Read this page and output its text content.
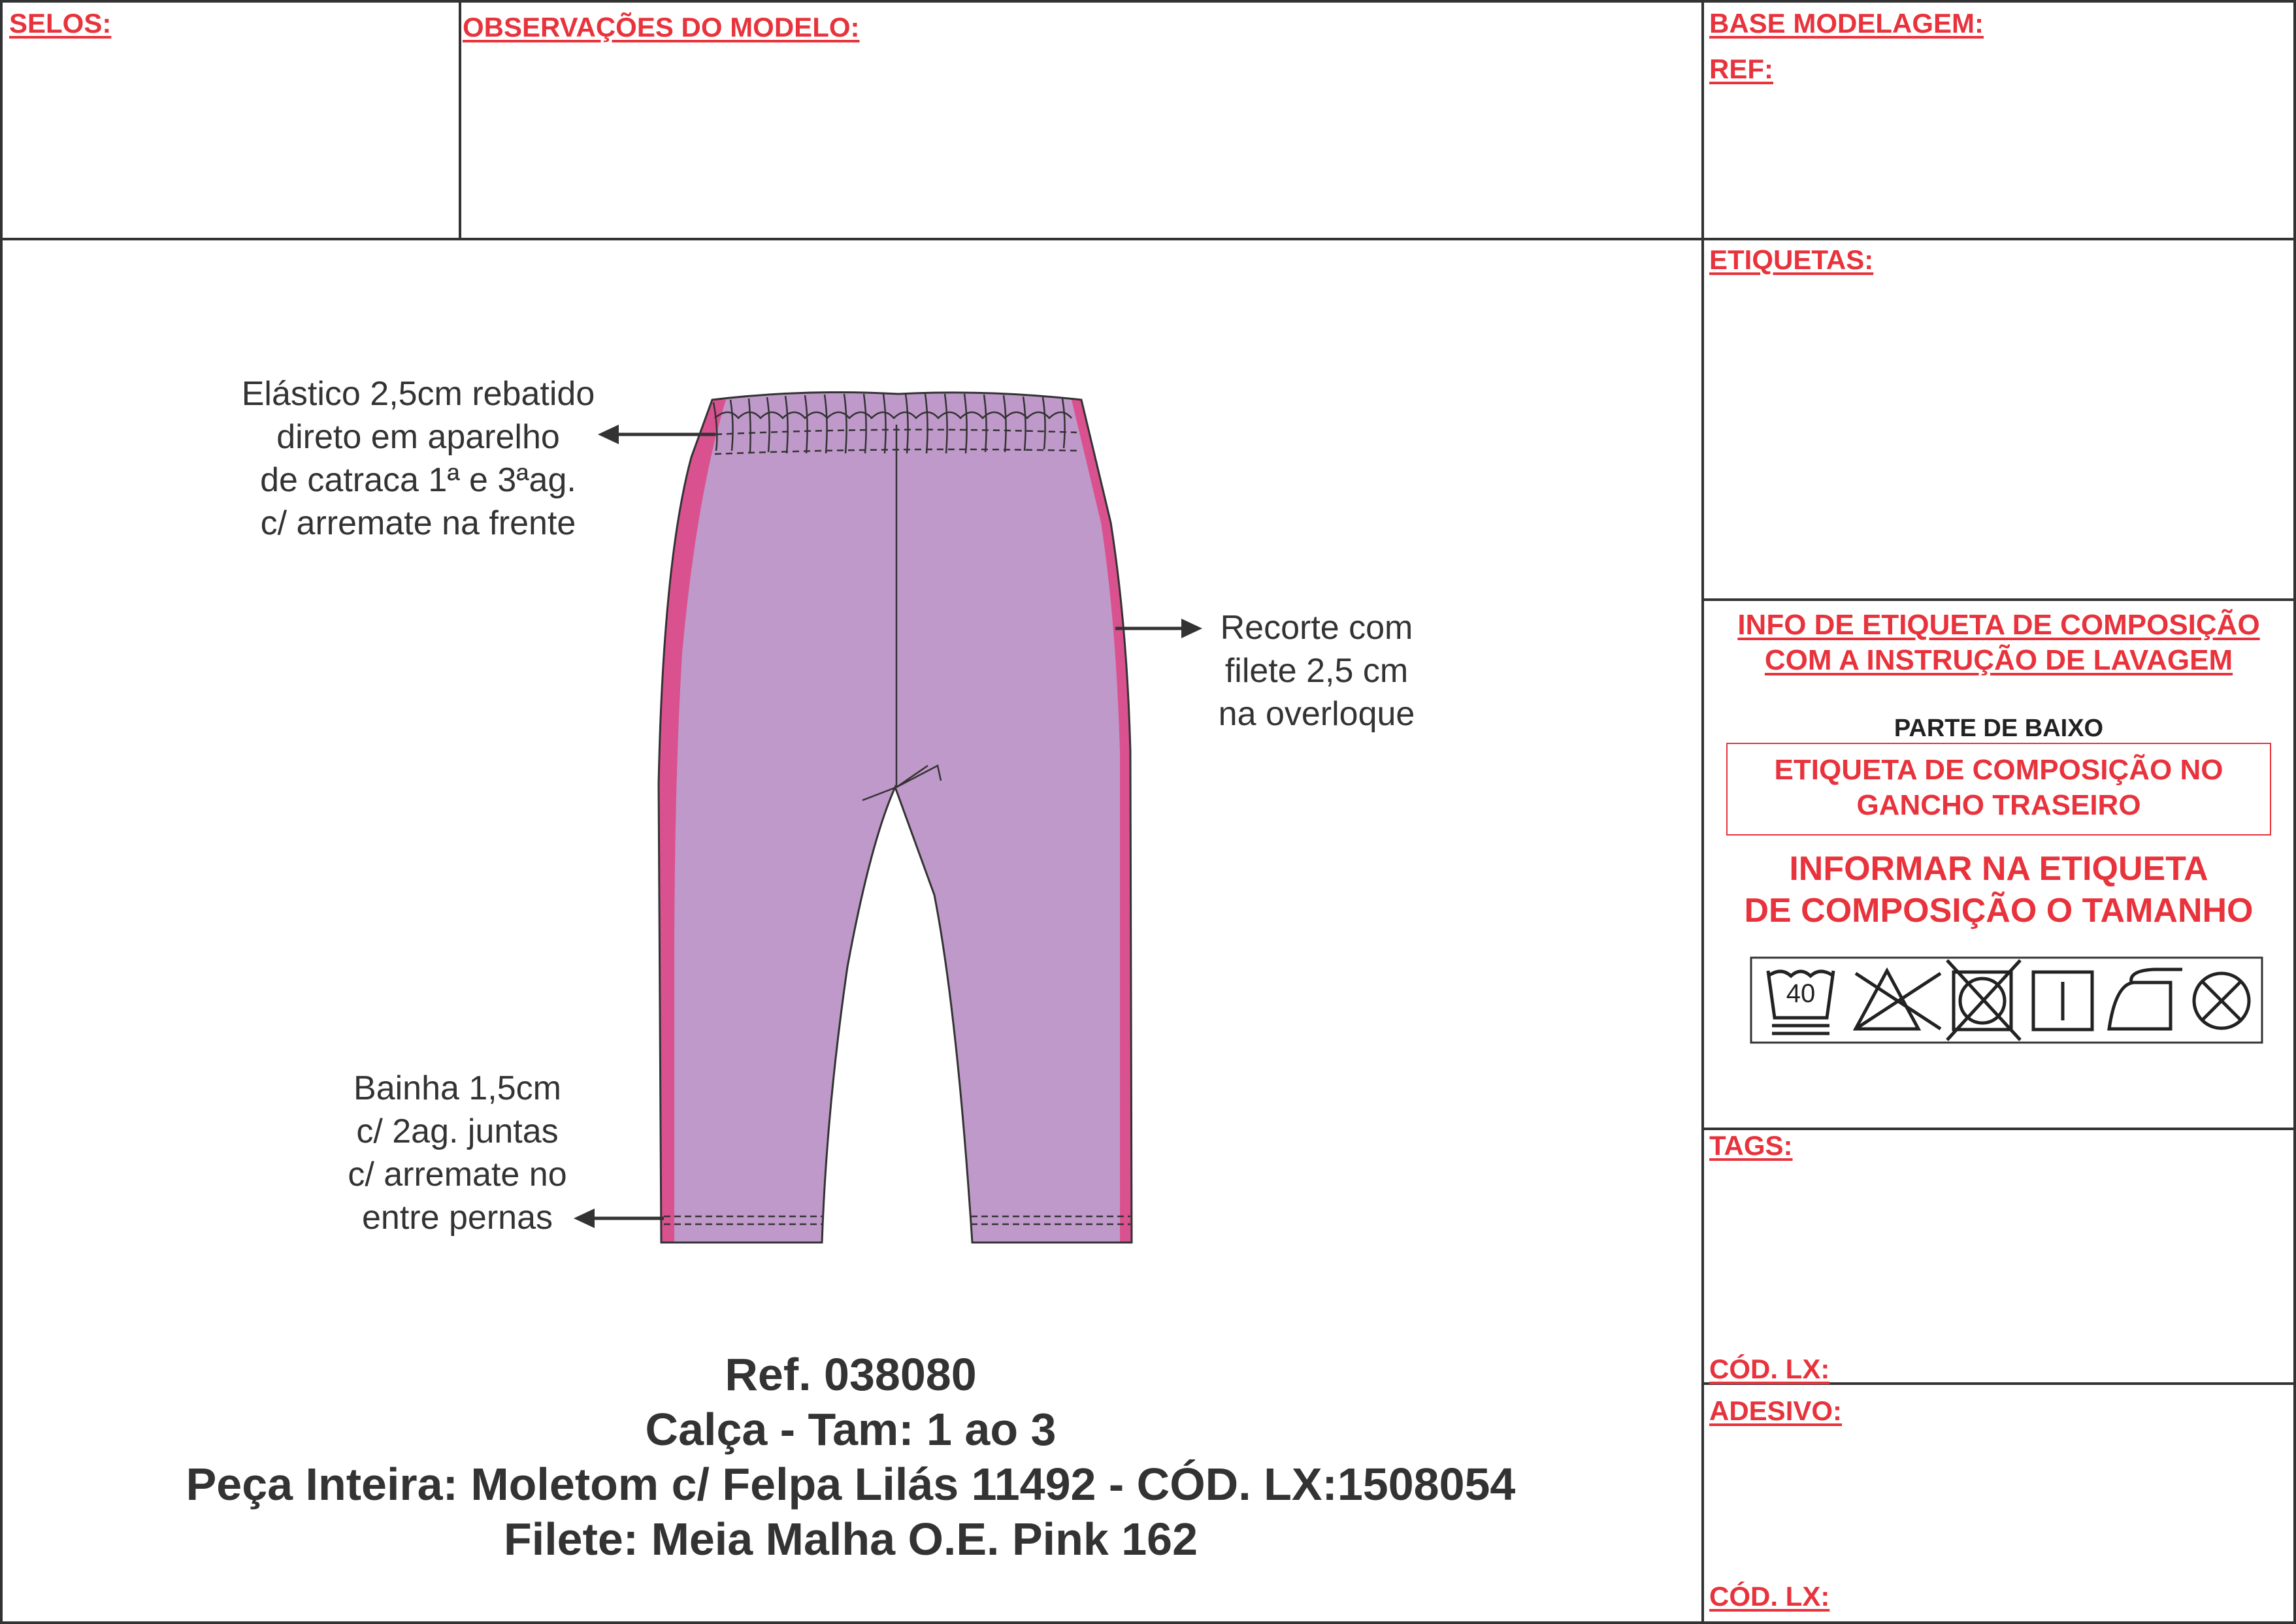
SELOS:	OBSERVAÇÕES DO MODELO:	BASE MODELAGEM:
REF:
ETIQUETAS:
TAGS:
CÓD. LX:
ADESIVO:
CÓD. LX:
Elástico 2,5cm rebatido
direto em aparelho
de catraca 1ª e 3ªag.
c/ arremate na frente
Recorte com
filete 2,5 cm
na overloque
Bainha 1,5cm
c/ 2ag. juntas
c/ arremate no
entre pernas
Ref. 038080
Calça - Tam: 1 ao 3
Peça Inteira: Moletom c/ Felpa Lilás 11492 - CÓD. LX:1508054
Filete: Meia Malha O.E. Pink 162
INFO DE ETIQUETA DE COMPOSIÇÃO
COM A INSTRUÇÃO DE LAVAGEM
PARTE DE BAIXO
ETIQUETA DE COMPOSIÇÃO NO
GANCHO TRASEIRO
INFORMAR NA ETIQUETA
DE COMPOSIÇÃO O TAMANHO
40
